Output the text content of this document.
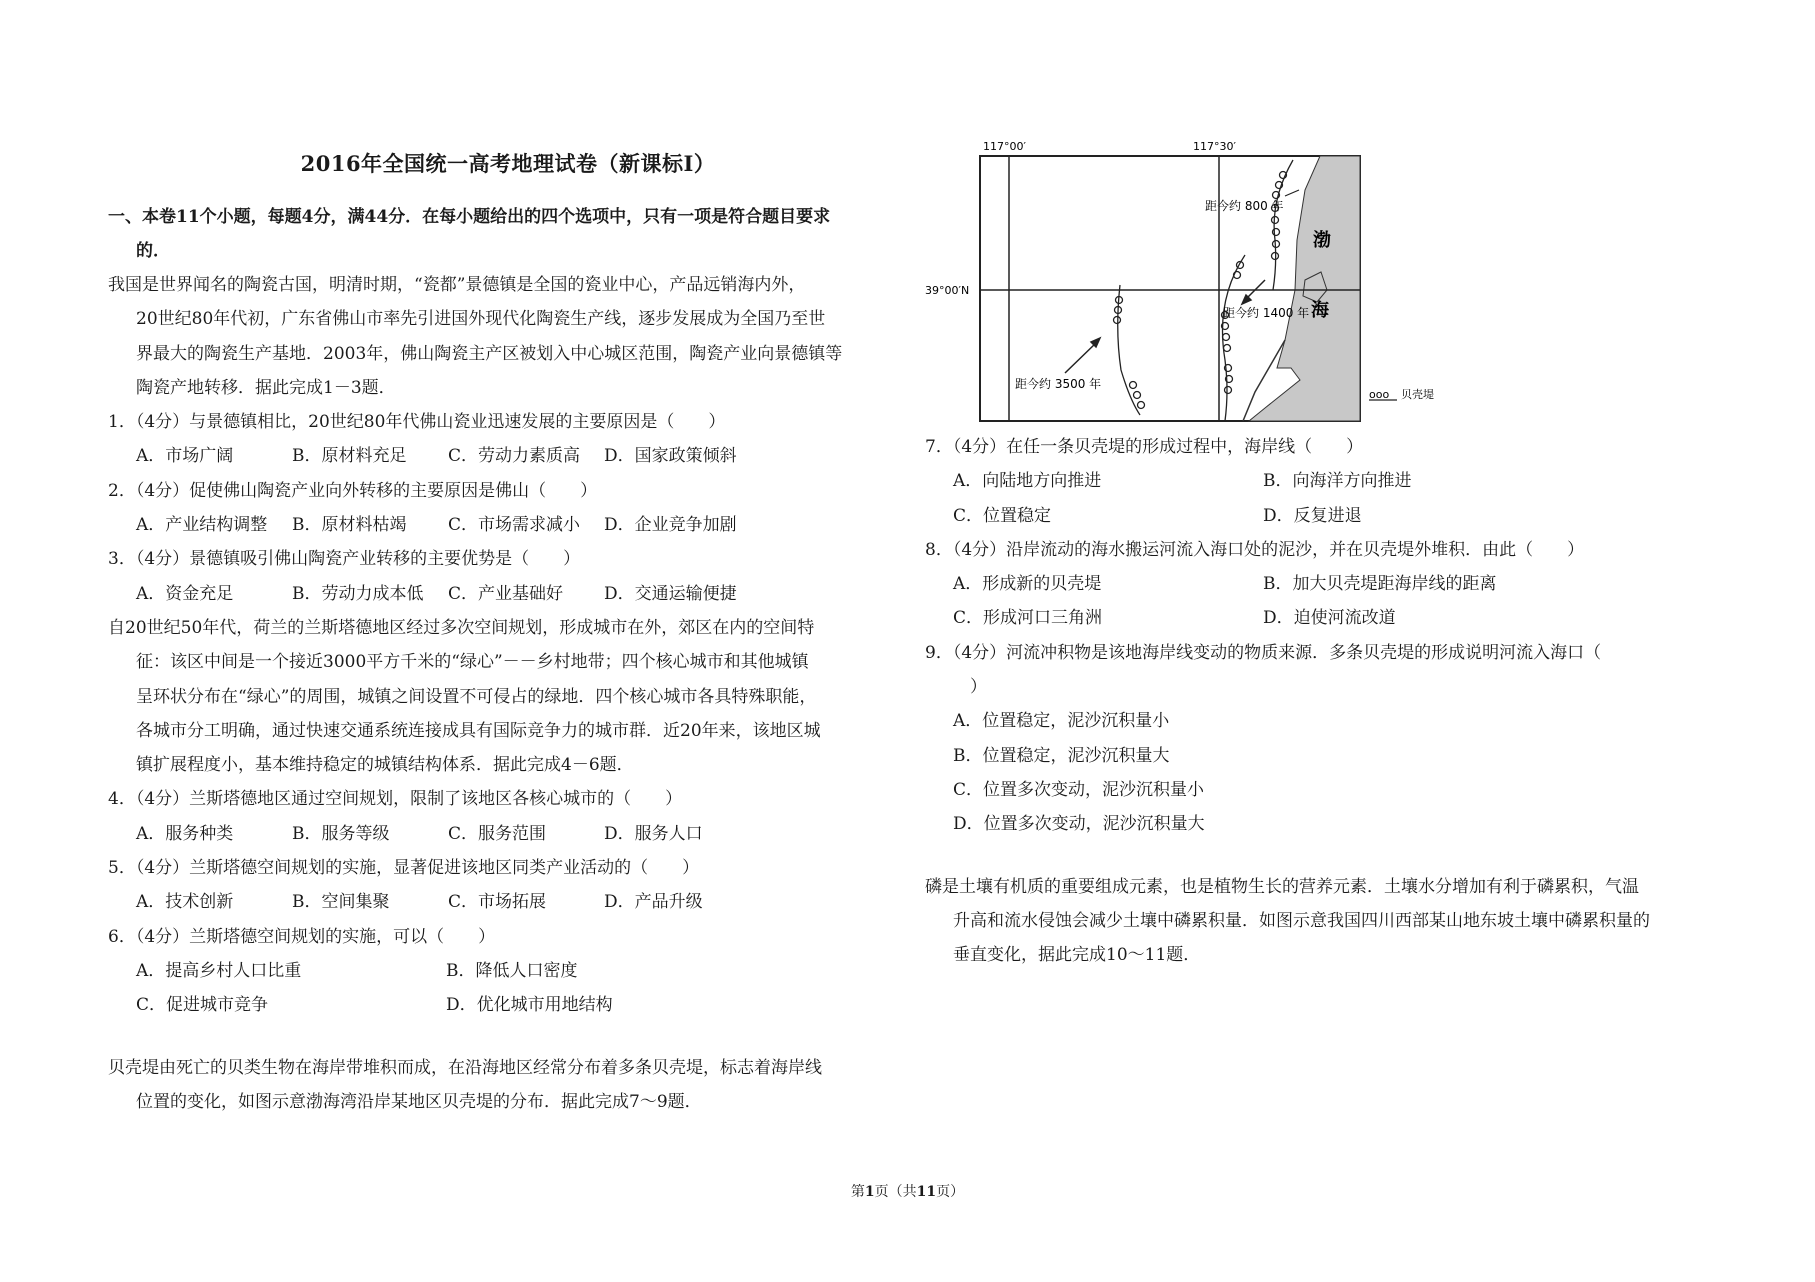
2016年全国统一高考地理试卷（新课标Ⅰ）

一、本卷11个小题，每题4分，满44分．在每小题给出的四个选项中，只有一项是符合题目要求
的．

我国是世界闻名的陶瓷古国，明清时期，“瓷都”景德镇是全国的瓷业中心，产品远销海内外，
20世纪80年代初，广东省佛山市率先引进国外现代化陶瓷生产线，逐步发展成为全国乃至世
界最大的陶瓷生产基地．2003年，佛山陶瓷主产区被划入中心城区范围，陶瓷产业向景德镇等
陶瓷产地转移．据此完成1－3题．

1．（4分）与景德镇相比，20世纪80年代佛山瓷业迅速发展的主要原因是（　　）

A．市场广阔	B．原材料充足	C．劳动力素质高	D．国家政策倾斜

2．（4分）促使佛山陶瓷产业向外转移的主要原因是佛山（　　）

A．产业结构调整	B．原材料枯竭	C．市场需求减小	D．企业竞争加剧

3．（4分）景德镇吸引佛山陶瓷产业转移的主要优势是（　　）

A．资金充足	B．劳动力成本低	C．产业基础好	D．交通运输便捷

自20世纪50年代，荷兰的兰斯塔德地区经过多次空间规划，形成城市在外，郊区在内的空间特
征：该区中间是一个接近3000平方千米的“绿心”－－乡村地带；四个核心城市和其他城镇
呈环状分布在“绿心”的周围，城镇之间设置不可侵占的绿地．四个核心城市各具特殊职能，
各城市分工明确，通过快速交通系统连接成具有国际竞争力的城市群．近20年来，该地区城
镇扩展程度小，基本维持稳定的城镇结构体系．据此完成4－6题．

4．（4分）兰斯塔德地区通过空间规划，限制了该地区各核心城市的（　　）

A．服务种类	B．服务等级	C．服务范围	D．服务人口

5．（4分）兰斯塔德空间规划的实施，显著促进该地区同类产业活动的（　　）

A．技术创新	B．空间集聚	C．市场拓展	D．产品升级

6．（4分）兰斯塔德空间规划的实施，可以（　　）

A．提高乡村人口比重	B．降低人口密度
C．促进城市竞争	D．优化城市用地结构

贝壳堤由死亡的贝类生物在海岸带堆积而成，在沿海地区经常分布着多条贝壳堤，标志着海岸线
位置的变化，如图示意渤海湾沿岸某地区贝壳堤的分布．据此完成7～9题．

117°00′	117°30′
39°00′N
距今约 800 年
距今约 1400 年
距今约 3500 年
渤
海
ooo 贝壳堤

7．（4分）在任一条贝壳堤的形成过程中，海岸线（　　）

A．向陆地方向推进	B．向海洋方向推进
C．位置稳定	D．反复进退

8．（4分）沿岸流动的海水搬运河流入海口处的泥沙，并在贝壳堤外堆积．由此（　　）

A．形成新的贝壳堤	B．加大贝壳堤距海岸线的距离
C．形成河口三角洲	D．迫使河流改道

9．（4分）河流冲积物是该地海岸线变动的物质来源．多条贝壳堤的形成说明河流入海口（
）

A．位置稳定，泥沙沉积量小

B．位置稳定，泥沙沉积量大

C．位置多次变动，泥沙沉积量小

D．位置多次变动，泥沙沉积量大

磷是土壤有机质的重要组成元素，也是植物生长的营养元素．土壤水分增加有利于磷累积，气温
升高和流水侵蚀会减少土壤中磷累积量．如图示意我国四川西部某山地东坡土壤中磷累积量的
垂直变化，据此完成10～11题．

第1页（共11页）
